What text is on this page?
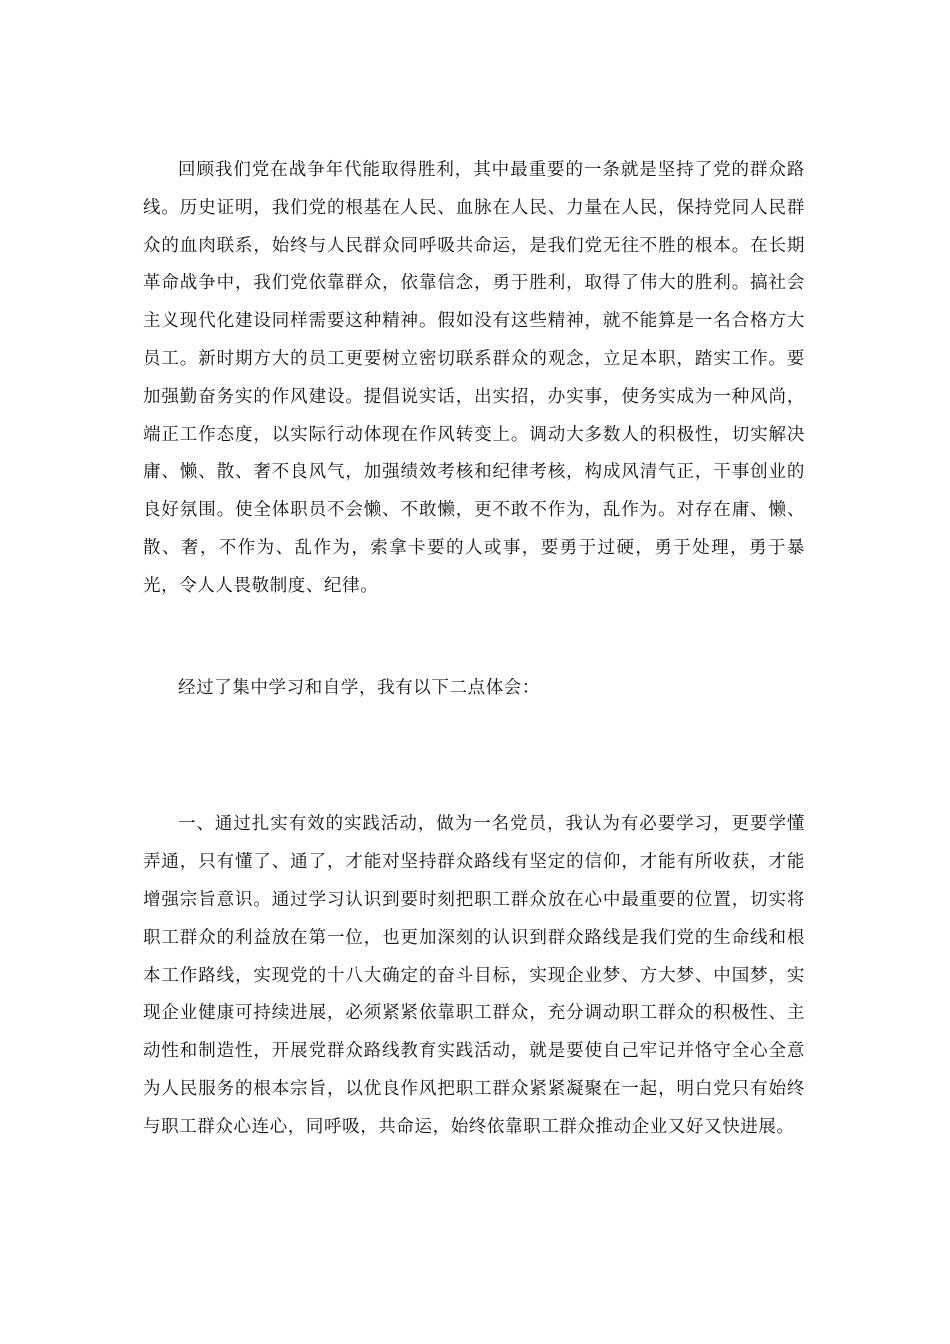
回顾我们党在战争年代能取得胜利，其中最重要的一条就是坚持了党的群众路线。历史证明，我们党的根基在人民、血脉在人民、力量在人民，保持党同人民群众的血肉联系，始终与人民群众同呼吸共命运，是我们党无往不胜的根本。在长期革命战争中，我们党依靠群众，依靠信念，勇于胜利，取得了伟大的胜利。搞社会主义现代化建设同样需要这种精神。假如没有这些精神，就不能算是一名合格方大员工。新时期方大的员工更要树立密切联系群众的观念，立足本职，踏实工作。要加强勤奋务实的作风建设。提倡说实话，出实招，办实事，使务实成为一种风尚，端正工作态度，以实际行动体现在作风转变上。调动大多数人的积极性，切实解决庸、懒、散、奢不良风气，加强绩效考核和纪律考核，构成风清气正，干事创业的良好氛围。使全体职员不会懒、不敢懒，更不敢不作为，乱作为。对存在庸、懒、散、奢，不作为、乱作为，索拿卡要的人或事，要勇于过硬，勇于处理，勇于暴光，令人人畏敬制度、纪律。

经过了集中学习和自学，我有以下二点体会：

一、通过扎实有效的实践活动，做为一名党员，我认为有必要学习，更要学懂弄通，只有懂了、通了，才能对坚持群众路线有坚定的信仰，才能有所收获，才能增强宗旨意识。通过学习认识到要时刻把职工群众放在心中最重要的位置，切实将职工群众的利益放在第一位，也更加深刻的认识到群众路线是我们党的生命线和根本工作路线，实现党的十八大确定的奋斗目标，实现企业梦、方大梦、中国梦，实现企业健康可持续进展，必须紧紧依靠职工群众，充分调动职工群众的积极性、主动性和制造性，开展党群众路线教育实践活动，就是要使自己牢记并恪守全心全意为人民服务的根本宗旨，以优良作风把职工群众紧紧凝聚在一起，明白党只有始终与职工群众心连心，同呼吸，共命运，始终依靠职工群众推动企业又好又快进展。
